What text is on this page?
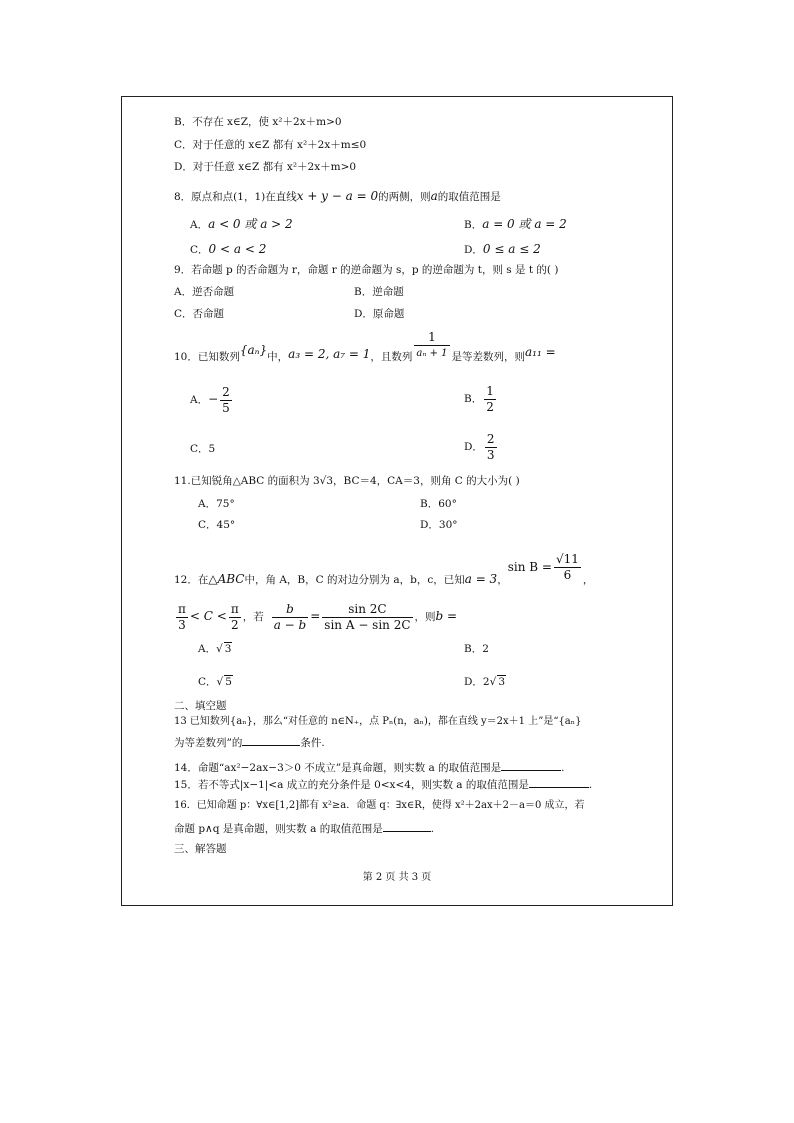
B．不存在 x∈Z，使 x²＋2x＋m>0
C．对于任意的 x∈Z 都有 x²＋2x＋m≤0
D．对于任意 x∈Z 都有 x²＋2x＋m>0
8．原点和点(1，1)在直线x + y − a = 0的两侧，则a的取值范围是
A．a < 0 或 a > 2	B．a = 0 或 a = 2
C．0 < a < 2	D．0 ≤ a ≤ 2
9．若命题 p 的否命题为 r，命题 r 的逆命题为 s，p 的逆命题为 t，则 s 是 t 的( )
A．逆否命题	B．逆命题
C．否命题	D．原命题
10．已知数列{aₙ}中，a₃ = 2, a₇ = 1，且数列 $\frac{1}{\text{aₙ + 1}}$ 是等差数列，则a₁₁ =
A．− $\frac{2}{5}$	B． $\frac{1}{2}$
C．5	D． $\frac{2}{3}$
11.已知锐角△ABC 的面积为 3√3，BC＝4，CA＝3，则角 C 的大小为( )
A．75°	B．60°
C．45°	D．30°
12．在△ABC中，角 A，B，C 的对边分别为 a，b，c，已知a = 3，$\sin B = \frac{√11}{6}$ ，
$\frac{\pi}{3} < C < \frac{\pi}{2}$ ，若 $\frac{b}{a - b} = \frac{\sin 2C}{\text{sin A − sin 2C}}$ ，则b =
A．√ 3	B．2
C．√ 5	D．2√ 3
二、填空题
13 已知数列{aₙ}，那么“对任意的 n∈N₊，点 Pₙ(n，aₙ)，都在直线 y＝2x＋1 上”是“{aₙ}
为等差数列”的	条件.
14．命题“ax²−2ax−3＞0 不成立”是真命题，则实数 a 的取值范围是	.
15．若不等式|x−1|<a 成立的充分条件是 0<x<4，则实数 a 的取值范围是	.
16．已知命题 p：∀x∈[1,2]都有 x²≥a．命题 q：∃x∈R，使得 x²＋2ax＋2－a＝0 成立，若
命题 p∧q 是真命题，则实数 a 的取值范围是	.
三、解答题
第 2 页 共 3 页
